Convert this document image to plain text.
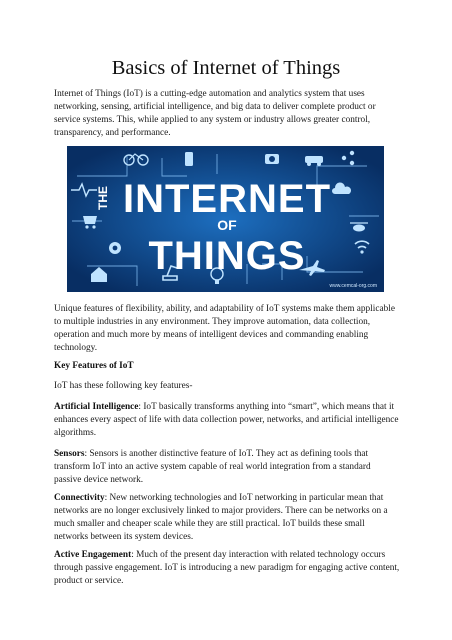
Basics of Internet of Things

Internet of Things (IoT) is a cutting-edge automation and analytics system that uses networking, sensing, artificial intelligence, and big data to deliver complete product or service systems. This, while applied to any system or industry allows greater control, transparency, and performance.

THE INTERNET
OF
THINGS
www.cemcal-org.com

Unique features of flexibility, ability, and adaptability of IoT systems make them applicable to multiple industries in any environment. They improve automation, data collection, operation and much more by means of intelligent devices and commanding enabling technology.

Key Features of IoT

IoT has these following key features-

Artificial Intelligence: IoT basically transforms anything into “smart”, which means that it enhances every aspect of life with data collection power, networks, and artificial intelligence algorithms.

Sensors: Sensors is another distinctive feature of IoT. They act as defining tools that transform IoT into an active system capable of real world integration from a standard passive device network.

Connectivity: New networking technologies and IoT networking in particular mean that networks are no longer exclusively linked to major providers. There can be networks on a much smaller and cheaper scale while they are still practical. IoT builds these small networks between its system devices.

Active Engagement: Much of the present day interaction with related technology occurs through passive engagement. IoT is introducing a new paradigm for engaging active content, product or service.
